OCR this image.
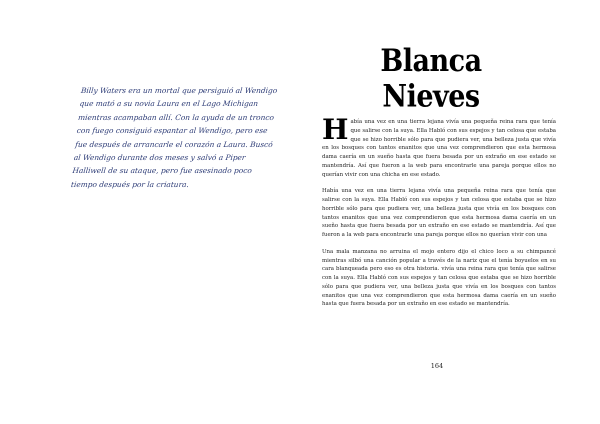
Billy Waters era un mortal que persiguió al Wendigo que mató a su novia Laura en el Lago Michigan mientras acampaban allí. Con la ayuda de un tronco con fuego consiguió espantar al Wendigo, pero ese fue después de arrancarle el corazón a Laura. Buscó al Wendigo durante dos meses y salvó a Piper Halliwell de su ataque, pero fue asesinado poco tiempo después por la criatura.
Blanca Nieves

H abía una vez en una tierra lejana vivía una pequeña reina rara que tenía que salirse con la suya. Ella Habló con sus espejos y tan celosa que estaba que se hizo horrible sólo para que pudiera ver, una belleza justa que vivía en los bosques con tantos enanitos que una vez comprendieron que esta hermosa dama caería en un sueño hasta que fuera besada por un extraño en ese estado se mantendría. Así que fueron a la web para encontrarle una pareja porque ellos no querían vivir con una chicha en ese estado.

Había una vez en una tierra lejana vivía una pequeña reina rara que tenía que salirse con la suya. Ella Habló con sus espejos y tan celosa que estaba que se hizo horrible sólo para que pudiera ver, una belleza justa que vivía en los bosques con tantos enanitos que una vez comprendieron que esta hermosa dama caería en un sueño hasta que fuera besada por un extraño en ese estado se mantendría. Así que fueron a la web para encontrarle una pareja porque ellos no querían vivir con una

Una mala manzana no arruina el mojo entero dijo el chico loco a su chimpancé mientras silbó una canción popular a través de la nariz que el tenía boyuelos en su cara blanqueada pero eso es otra historia. vivía una reina rara que tenía que salirse con la suya. Ella Habló con sus espejos y tan celosa que estaba que se hizo horrible sólo para que pudiera ver, una belleza justa que vivía en los bosques con tantos enanitos que una vez comprendieron que esta hermosa dama caería en un sueño hasta que fuera besada por un extraño en ese estado se mantendría.

164
